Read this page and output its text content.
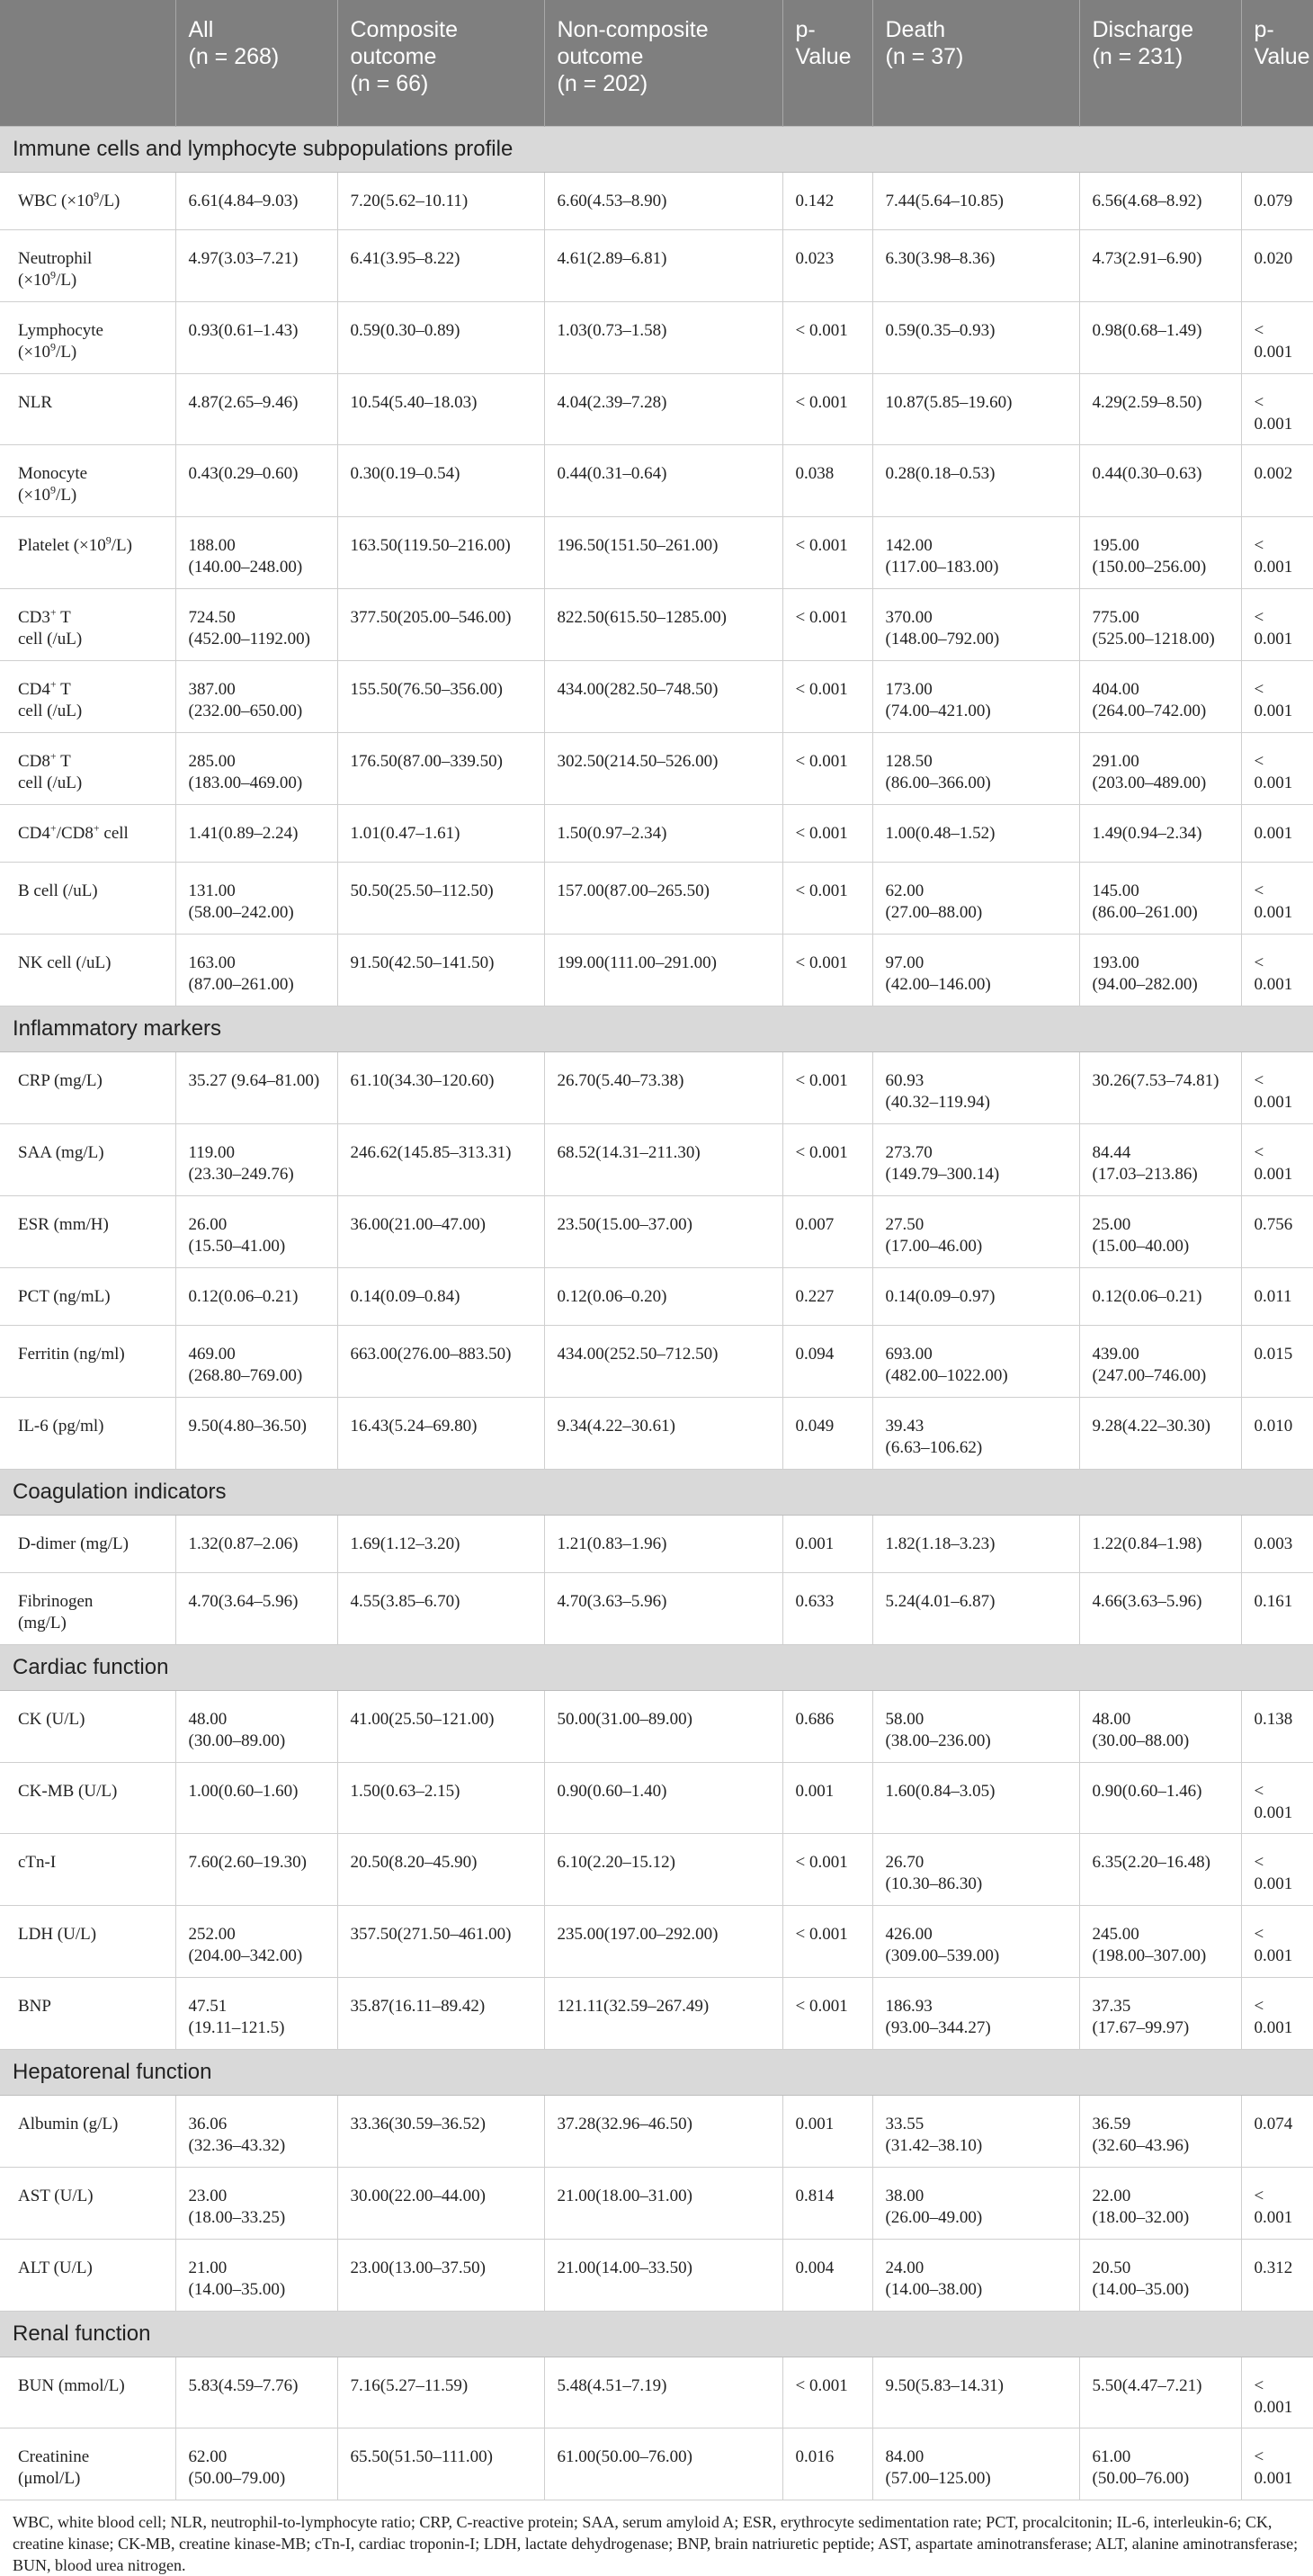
	All
(n = 268)	Composite
outcome
(n = 66)	Non-composite
outcome
(n = 202)	p-
Value	Death
(n = 37)	Discharge
(n = 231)	p-
Value

Immune cells and lymphocyte subpopulations profile							
WBC $(\times 10^9/L)$	6.61(4.84–9.03)	7.20(5.62–10.11)	6.60(4.53–8.90)	0.142	7.44(5.64–10.85)	6.56(4.68–8.92)	0.079

Neutrophil
$(\times 10^9/L)$	4.97(3.03–7.21)	6.41(3.95–8.22)	4.61(2.89–6.81)	0.023	6.30(3.98–8.36)	4.73(2.91–6.90)	0.020

Lymphocyte
$(\times 10^9/L)$	0.93(0.61–1.43)	0.59(0.30–0.89)	1.03(0.73–1.58)	< 0.001	0.59(0.35–0.93)	0.98(0.68–1.49)	< 0.001

NLR	4.87(2.65–9.46)	10.54(5.40–18.03)	4.04(2.39–7.28)	< 0.001	10.87(5.85–19.60)	4.29(2.59–8.50)	< 0.001

Monocyte
$(\times 10^9/L)$	0.43(0.29–0.60)	0.30(0.19–0.54)	0.44(0.31–0.64)	0.038	0.28(0.18–0.53)	0.44(0.30–0.63)	0.002

Platelet $(\times 10^9/L)$	188.00
(140.00–248.00)	163.50(119.50–216.00)	196.50(151.50–261.00)	< 0.001	142.00
(117.00–183.00)	195.00
(150.00–256.00)	< 0.001

CD3+ T
cell (/uL)	724.50
(452.00–1192.00)	377.50(205.00–546.00)	822.50(615.50–1285.00)	< 0.001	370.00
(148.00–792.00)	775.00
(525.00–1218.00)	< 0.001

CD4+ T
cell (/uL)	387.00
(232.00–650.00)	155.50(76.50–356.00)	434.00(282.50–748.50)	< 0.001	173.00
(74.00–421.00)	404.00
(264.00–742.00)	< 0.001

CD8+ T
cell (/uL)	285.00
(183.00–469.00)	176.50(87.00–339.50)	302.50(214.50–526.00)	< 0.001	128.50
(86.00–366.00)	291.00
(203.00–489.00)	< 0.001

CD4+/CD8+ cell	1.41(0.89–2.24)	1.01(0.47–1.61)	1.50(0.97–2.34)	< 0.001	1.00(0.48–1.52)	1.49(0.94–2.34)	0.001

B cell (/uL)	131.00
(58.00–242.00)	50.50(25.50–112.50)	157.00(87.00–265.50)	< 0.001	62.00
(27.00–88.00)	145.00
(86.00–261.00)	< 0.001

NK cell (/uL)	163.00
(87.00–261.00)	91.50(42.50–141.50)	199.00(111.00–291.00)	< 0.001	97.00
(42.00–146.00)	193.00
(94.00–282.00)	< 0.001

Inflammatory markers							
CRP (mg/L)	35.27 (9.64–81.00)	61.10(34.30–120.60)	26.70(5.40–73.38)	< 0.001	60.93
(40.32–119.94)	30.26(7.53–74.81)	< 0.001

SAA (mg/L)	119.00
(23.30–249.76)	246.62(145.85–313.31)	68.52(14.31–211.30)	< 0.001	273.70
(149.79–300.14)	84.44
(17.03–213.86)	< 0.001

ESR (mm/H)	26.00
(15.50–41.00)	36.00(21.00–47.00)	23.50(15.00–37.00)	0.007	27.50
(17.00–46.00)	25.00
(15.00–40.00)	0.756

PCT (ng/mL)	0.12(0.06–0.21)	0.14(0.09–0.84)	0.12(0.06–0.20)	0.227	0.14(0.09–0.97)	0.12(0.06–0.21)	0.011

Ferritin (ng/ml)	469.00
(268.80–769.00)	663.00(276.00–883.50)	434.00(252.50–712.50)	0.094	693.00
(482.00–1022.00)	439.00
(247.00–746.00)	0.015

IL-6 (pg/ml)	9.50(4.80–36.50)	16.43(5.24–69.80)	9.34(4.22–30.61)	0.049	39.43
(6.63–106.62)	9.28(4.22–30.30)	0.010

Coagulation indicators							
D-dimer (mg/L)	1.32(0.87–2.06)	1.69(1.12–3.20)	1.21(0.83–1.96)	0.001	1.82(1.18–3.23)	1.22(0.84–1.98)	0.003

Fibrinogen
(mg/L)	4.70(3.64–5.96)	4.55(3.85–6.70)	4.70(3.63–5.96)	0.633	5.24(4.01–6.87)	4.66(3.63–5.96)	0.161

Cardiac function							
CK (U/L)	48.00
(30.00–89.00)	41.00(25.50–121.00)	50.00(31.00–89.00)	0.686	58.00
(38.00–236.00)	48.00
(30.00–88.00)	0.138

CK-MB (U/L)	1.00(0.60–1.60)	1.50(0.63–2.15)	0.90(0.60–1.40)	0.001	1.60(0.84–3.05)	0.90(0.60–1.46)	< 0.001

cTn-I	7.60(2.60–19.30)	20.50(8.20–45.90)	6.10(2.20–15.12)	< 0.001	26.70
(10.30–86.30)	6.35(2.20–16.48)	< 0.001

LDH (U/L)	252.00
(204.00–342.00)	357.50(271.50–461.00)	235.00(197.00–292.00)	< 0.001	426.00
(309.00–539.00)	245.00
(198.00–307.00)	< 0.001

BNP	47.51
(19.11–121.5)	35.87(16.11–89.42)	121.11(32.59–267.49)	< 0.001	186.93
(93.00–344.27)	37.35
(17.67–99.97)	< 0.001

Hepatorenal function							
Albumin (g/L)	36.06
(32.36–43.32)	33.36(30.59–36.52)	37.28(32.96–46.50)	0.001	33.55
(31.42–38.10)	36.59
(32.60–43.96)	0.074

AST (U/L)	23.00
(18.00–33.25)	30.00(22.00–44.00)	21.00(18.00–31.00)	0.814	38.00
(26.00–49.00)	22.00
(18.00–32.00)	< 0.001

ALT (U/L)	21.00
(14.00–35.00)	23.00(13.00–37.50)	21.00(14.00–33.50)	0.004	24.00
(14.00–38.00)	20.50
(14.00–35.00)	0.312

Renal function							
BUN (mmol/L)	5.83(4.59–7.76)	7.16(5.27–11.59)	5.48(4.51–7.19)	< 0.001	9.50(5.83–14.31)	5.50(4.47–7.21)	< 0.001

Creatinine
(μmol/L)	62.00
(50.00–79.00)	65.50(51.50–111.00)	61.00(50.00–76.00)	0.016	84.00
(57.00–125.00)	61.00
(50.00–76.00)	< 0.001
WBC, white blood cell; NLR, neutrophil-to-lymphocyte ratio; CRP, C-reactive protein; SAA, serum amyloid A; ESR, erythrocyte sedimentation rate; PCT, procalcitonin; IL-6, interleukin-6; CK, creatine kinase; CK-MB, creatine kinase-MB; cTn-I, cardiac troponin-I; LDH, lactate dehydrogenase; BNP, brain natriuretic peptide; AST, aspartate aminotransferase; ALT, alanine aminotransferase; BUN, blood urea nitrogen.
